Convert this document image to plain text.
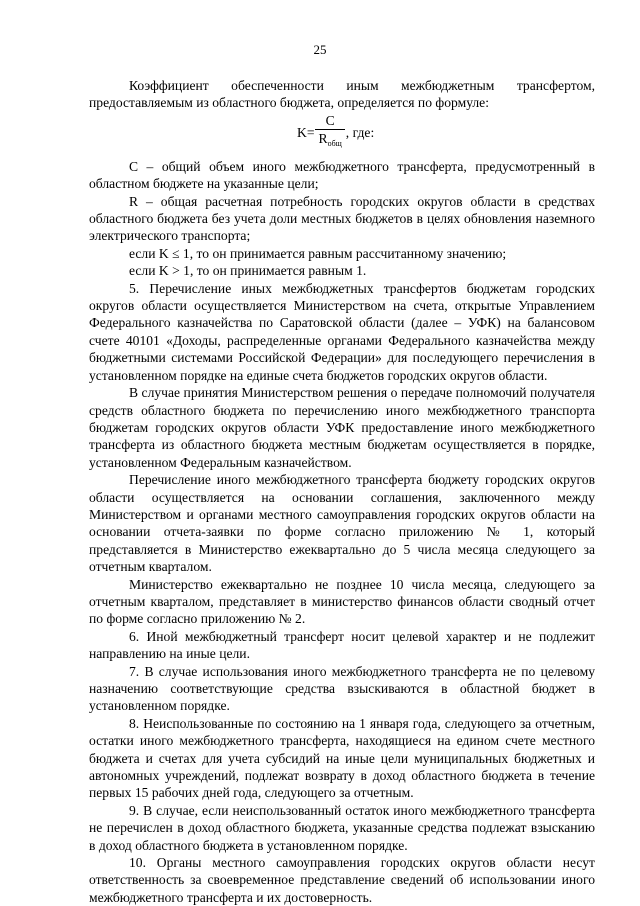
25

Коэффициент обеспеченности иным межбюджетным трансфертом, предоставляемым из областного бюджета, определяется по формуле:

$K= \frac{C}{R_{общ}}$ , где:

C – общий объем иного межбюджетного трансферта, предусмотренный в областном бюджете на указанные цели;

R – общая расчетная потребность городских округов области в средствах областного бюджета без учета доли местных бюджетов в целях обновления наземного электрического транспорта;

если K ≤ 1, то он принимается равным рассчитанному значению;

если K > 1, то он принимается равным 1.

5. Перечисление иных межбюджетных трансфертов бюджетам городских округов области осуществляется Министерством на счета, открытые Управлением Федерального казначейства по Саратовской области (далее – УФК) на балансовом счете 40101 «Доходы, распределенные органами Федерального казначейства между бюджетными системами Российской Федерации» для последующего перечисления в установленном порядке на единые счета бюджетов городских округов области.

В случае принятия Министерством решения о передаче полномочий получателя средств областного бюджета по перечислению иного межбюджетного транспорта бюджетам городских округов области УФК предоставление иного межбюджетного трансферта из областного бюджета местным бюджетам осуществляется в порядке, установленном Федеральным казначейством.

Перечисление иного межбюджетного трансферта бюджету городских округов области осуществляется на основании соглашения, заключенного между Министерством и органами местного самоуправления городских округов области на основании отчета-заявки по форме согласно приложению № 1, который представляется в Министерство ежеквартально до 5 числа месяца следующего за отчетным кварталом.

Министерство ежеквартально не позднее 10 числа месяца, следующего за отчетным кварталом, представляет в министерство финансов области сводный отчет по форме согласно приложению № 2.

6. Иной межбюджетный трансферт носит целевой характер и не подлежит направлению на иные цели.

7. В случае использования иного межбюджетного трансферта не по целевому назначению соответствующие средства взыскиваются в областной бюджет в установленном порядке.

8. Неиспользованные по состоянию на 1 января года, следующего за отчетным, остатки иного межбюджетного трансферта, находящиеся на едином счете местного бюджета и счетах для учета субсидий на иные цели муниципальных бюджетных и автономных учреждений, подлежат возврату в доход областного бюджета в течение первых 15 рабочих дней года, следующего за отчетным.

9. В случае, если неиспользованный остаток иного межбюджетного трансферта не перечислен в доход областного бюджета, указанные средства подлежат взысканию в доход областного бюджета в установленном порядке.

10. Органы местного самоуправления городских округов области несут ответственность за своевременное представление сведений об использовании иного межбюджетного трансферта и их достоверность.
